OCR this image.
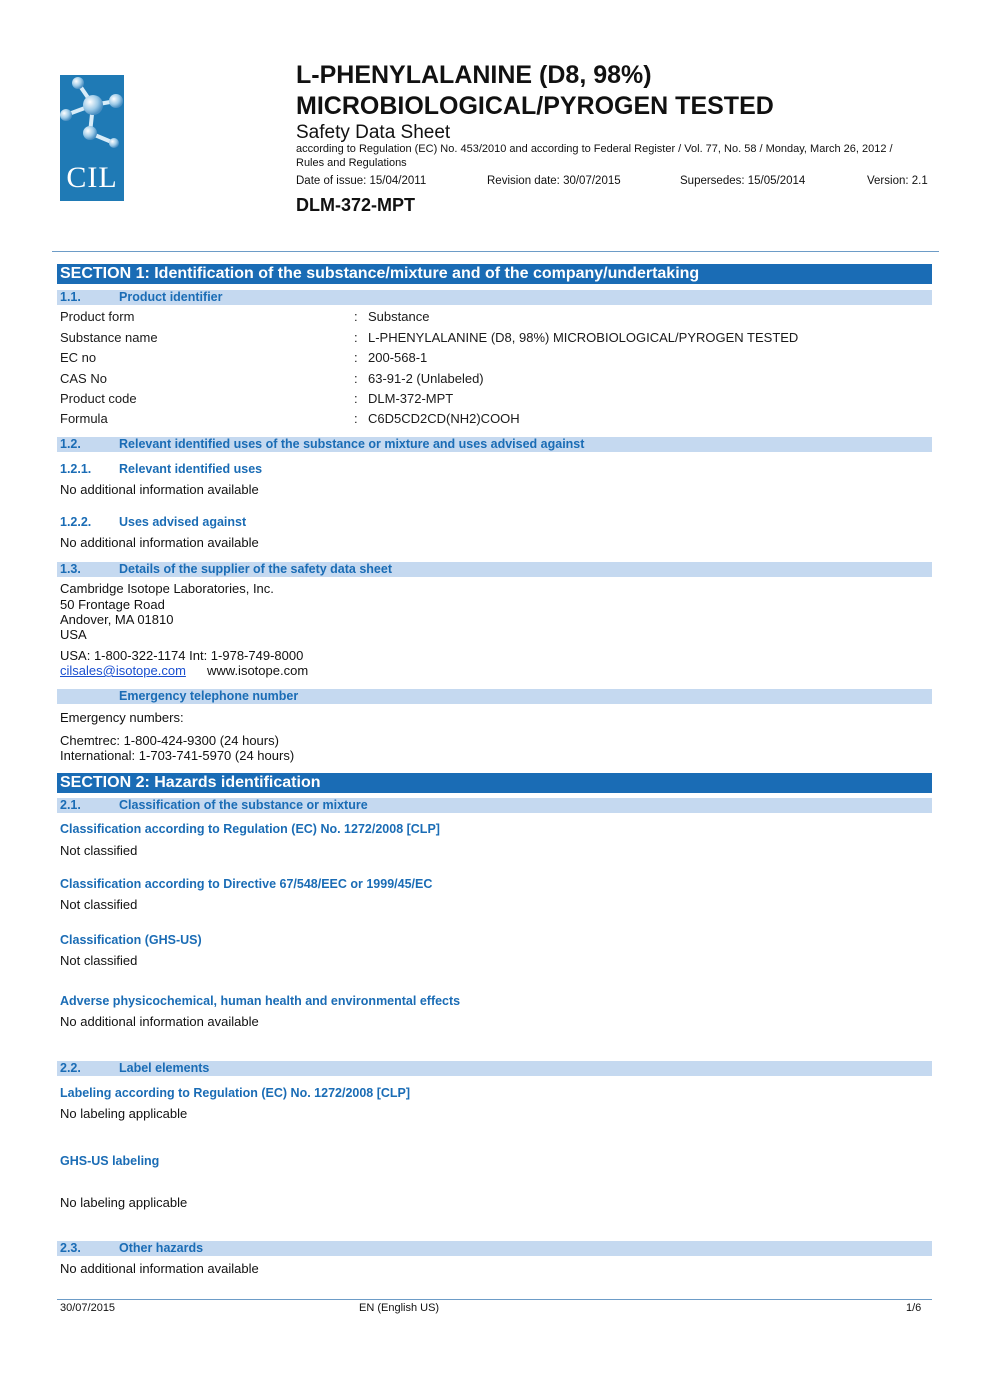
CIL
L-PHENYLALANINE (D8, 98%)
MICROBIOLOGICAL/PYROGEN TESTED
Safety Data Sheet
according to Regulation (EC) No. 453/2010 and according to Federal Register / Vol. 77, No. 58 / Monday, March 26, 2012 /
Rules and Regulations
Date of issue: 15/04/2011	Revision date: 30/07/2015	Supersedes: 15/05/2014	Version: 2.1
DLM-372-MPT
SECTION 1: Identification of the substance/mixture and of the company/undertaking
1.1.	Product identifier
Product form	: Substance
Substance name	: L-PHENYLALANINE (D8, 98%) MICROBIOLOGICAL/PYROGEN TESTED
EC no	: 200-568-1
CAS No	: 63-91-2 (Unlabeled)
Product code	: DLM-372-MPT
Formula	: C6D5CD2CD(NH2)COOH
1.2.	Relevant identified uses of the substance or mixture and uses advised against
1.2.1. Relevant identified uses
No additional information available
1.2.2. Uses advised against
No additional information available
1.3.	Details of the supplier of the safety data sheet
Cambridge Isotope Laboratories, Inc.
50 Frontage Road
Andover, MA 01810
USA
USA: 1-800-322-1174 Int: 1-978-749-8000
cilsales@isotope.com www.isotope.com
Emergency telephone number
Emergency numbers:
Chemtrec: 1-800-424-9300 (24 hours)
International: 1-703-741-5970 (24 hours)
SECTION 2: Hazards identification
2.1.	Classification of the substance or mixture
Classification according to Regulation (EC) No. 1272/2008 [CLP]
Not classified
Classification according to Directive 67/548/EEC or 1999/45/EC
Not classified
Classification (GHS-US)
Not classified
Adverse physicochemical, human health and environmental effects
No additional information available
2.2.	Label elements
Labeling according to Regulation (EC) No. 1272/2008 [CLP]
No labeling applicable
GHS-US labeling
No labeling applicable
2.3.	Other hazards
No additional information available
30/07/2015	EN (English US)	1/6
